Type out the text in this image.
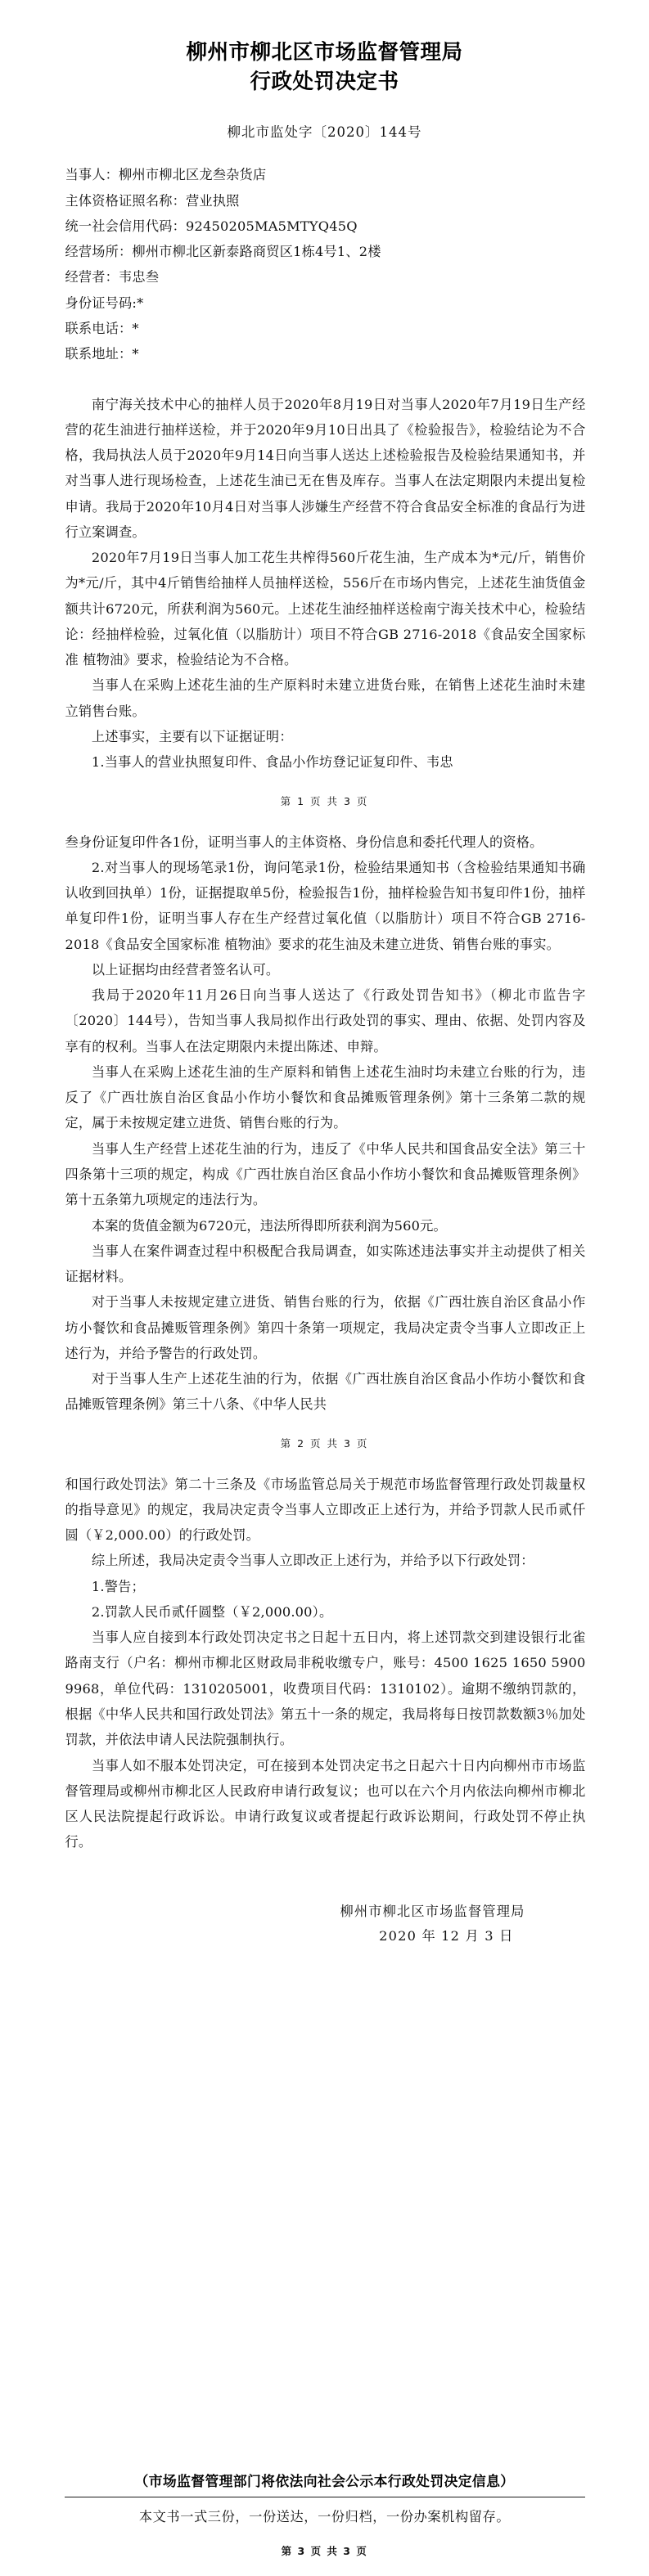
柳州市柳北区市场监督管理局
行政处罚决定书
柳北市监处字〔2020〕144号
当事人：柳州市柳北区龙叁杂货店
主体资格证照名称：营业执照
统一社会信用代码：92450205MA5MTYQ45Q
经营场所：柳州市柳北区新泰路商贸区1栋4号1、2楼
经营者：韦忠叁
身份证号码:*
联系电话：*
联系地址：*

南宁海关技术中心的抽样人员于2020年8月19日对当事人2020年7月19日生产经营的花生油进行抽样送检，并于2020年9月10日出具了《检验报告》，检验结论为不合格，我局执法人员于2020年9月14日向当事人送达上述检验报告及检验结果通知书，并对当事人进行现场检查，上述花生油已无在售及库存。当事人在法定期限内未提出复检申请。我局于2020年10月4日对当事人涉嫌生产经营不符合食品安全标准的食品行为进行立案调查。

2020年7月19日当事人加工花生共榨得560斤花生油，生产成本为*元/斤，销售价为*元/斤，其中4斤销售给抽样人员抽样送检，556斤在市场内售完，上述花生油货值金额共计6720元，所获利润为560元。上述花生油经抽样送检南宁海关技术中心，检验结论：经抽样检验，过氧化值（以脂肪计）项目不符合GB 2716-2018《食品安全国家标准 植物油》要求，检验结论为不合格。

当事人在采购上述花生油的生产原料时未建立进货台账，在销售上述花生油时未建立销售台账。

上述事实，主要有以下证据证明：

1.当事人的营业执照复印件、食品小作坊登记证复印件、韦忠

第 1 页 共 3 页

叁身份证复印件各1份，证明当事人的主体资格、身份信息和委托代理人的资格。

2.对当事人的现场笔录1份，询问笔录1份，检验结果通知书（含检验结果通知书确认收到回执单）1份，证据提取单5份，检验报告1份，抽样检验告知书复印件1份，抽样单复印件1份，证明当事人存在生产经营过氧化值（以脂肪计）项目不符合GB 2716-2018《食品安全国家标准 植物油》要求的花生油及未建立进货、销售台账的事实。

以上证据均由经营者签名认可。

我局于2020年11月26日向当事人送达了《行政处罚告知书》（柳北市监告字〔2020〕144号），告知当事人我局拟作出行政处罚的事实、理由、依据、处罚内容及享有的权利。当事人在法定期限内未提出陈述、申辩。

当事人在采购上述花生油的生产原料和销售上述花生油时均未建立台账的行为，违反了《广西壮族自治区食品小作坊小餐饮和食品摊贩管理条例》第十三条第二款的规定，属于未按规定建立进货、销售台账的行为。

当事人生产经营上述花生油的行为，违反了《中华人民共和国食品安全法》第三十四条第十三项的规定，构成《广西壮族自治区食品小作坊小餐饮和食品摊贩管理条例》第十五条第九项规定的违法行为。

本案的货值金额为6720元，违法所得即所获利润为560元。

当事人在案件调查过程中积极配合我局调查，如实陈述违法事实并主动提供了相关证据材料。

对于当事人未按规定建立进货、销售台账的行为，依据《广西壮族自治区食品小作坊小餐饮和食品摊贩管理条例》第四十条第一项规定，我局决定责令当事人立即改正上述行为，并给予警告的行政处罚。

对于当事人生产上述花生油的行为，依据《广西壮族自治区食品小作坊小餐饮和食品摊贩管理条例》第三十八条、《中华人民共

第 2 页 共 3 页

和国行政处罚法》第二十三条及《市场监管总局关于规范市场监督管理行政处罚裁量权的指导意见》的规定，我局决定责令当事人立即改正上述行为，并给予罚款人民币贰仟圆（￥2,000.00）的行政处罚。

综上所述，我局决定责令当事人立即改正上述行为，并给予以下行政处罚：

1.警告；

2.罚款人民币贰仟圆整（￥2,000.00）。

当事人应自接到本行政处罚决定书之日起十五日内，将上述罚款交到建设银行北雀路南支行（户名：柳州市柳北区财政局非税收缴专户，账号：4500 1625 1650 5900 9968，单位代码：1310205001，收费项目代码：1310102）。逾期不缴纳罚款的，根据《中华人民共和国行政处罚法》第五十一条的规定，我局将每日按罚款数额3％加处罚款，并依法申请人民法院强制执行。

当事人如不服本处罚决定，可在接到本处罚决定书之日起六十日内向柳州市市场监督管理局或柳州市柳北区人民政府申请行政复议；也可以在六个月内依法向柳州市柳北区人民法院提起行政诉讼。申请行政复议或者提起行政诉讼期间，行政处罚不停止执行。

柳州市柳北区市场监督管理局
2020 年 12 月 3 日
（市场监督管理部门将依法向社会公示本行政处罚决定信息）
本文书一式三份，一份送达，一份归档，一份办案机构留存。
第 3 页 共 3 页
